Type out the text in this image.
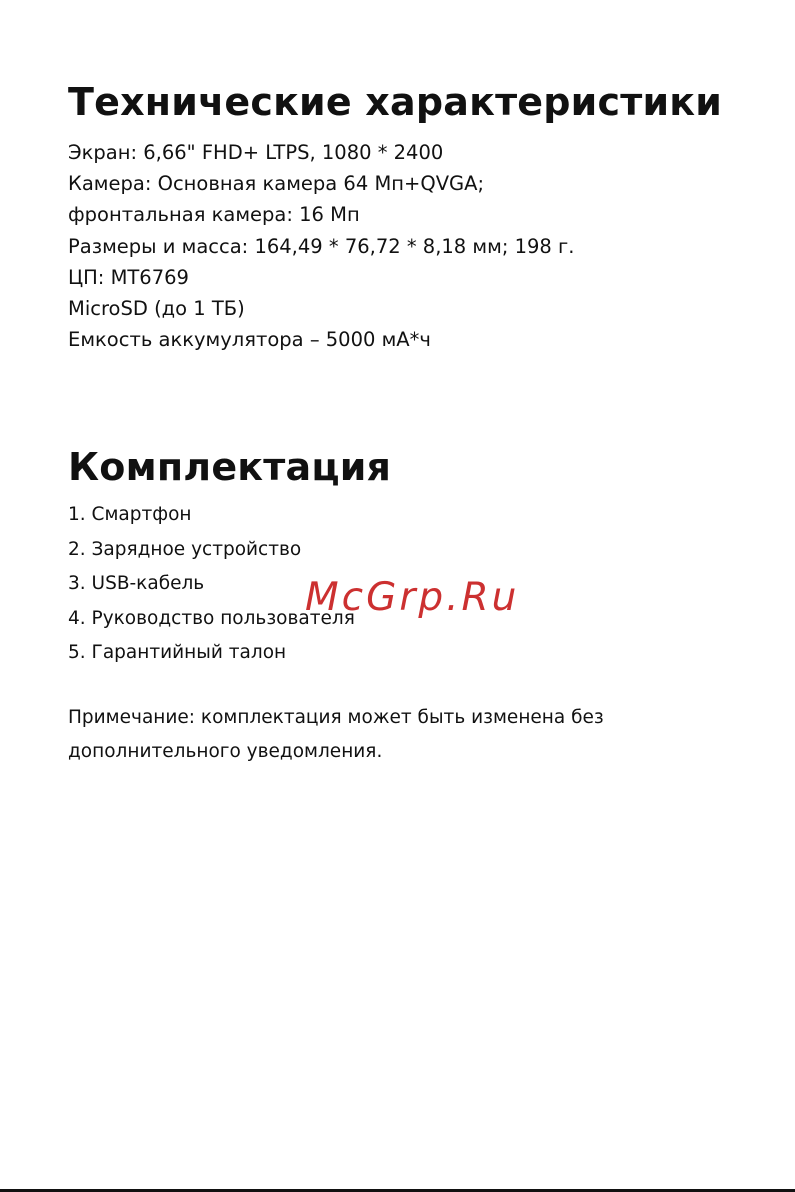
Технические характеристики
Экран: 6,66" FHD+ LTPS, 1080 * 2400
Камера: Основная камера 64 Мп+QVGA;
фронтальная камера: 16 Мп
Размеры и масса: 164,49 * 76,72 * 8,18 мм; 198 г.
ЦП: MT6769
MicroSD (до 1 ТБ)
Емкость аккумулятора – 5000 мА*ч
Комплектация
1. Смартфон
2. Зарядное устройство
3. USB-кабель
4. Руководство пользователя
5. Гарантийный талон

Примечание: комплектация может быть изменена без дополнительного уведомления.

McGrp.Ru
